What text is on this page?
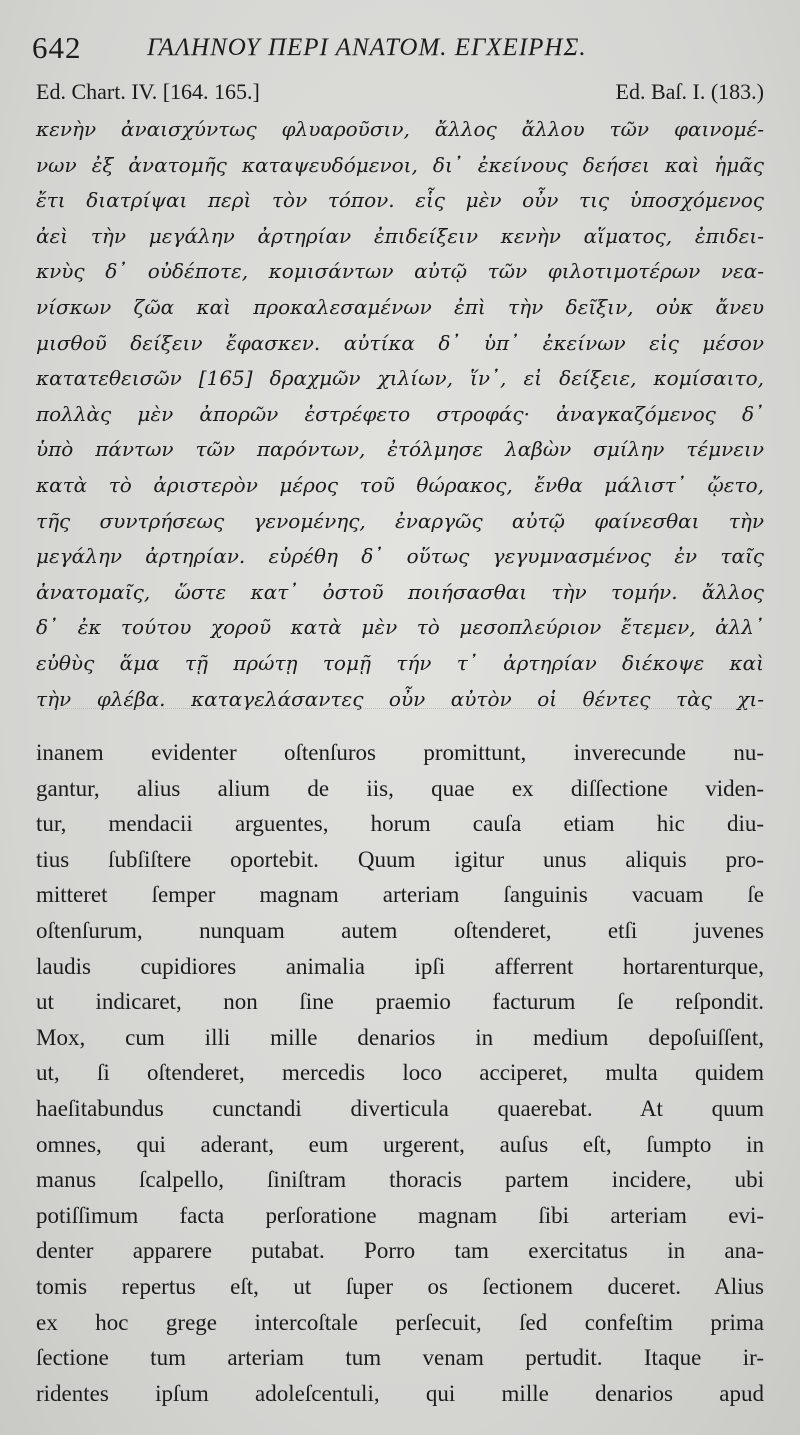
642	ΓΑΛΗΝΟΥ ΠΕΡΙ ΑΝΑΤΟΜ. ΕΓΧΕΙΡΗΣ.
Ed. Chart. IV. [164. 165.]	Ed. Baſ. I. (183.)
κενὴν ἀναισχύντως φλυαροῦσιν, ἄλλος ἄλλου τῶν φαινομέ-
νων ἐξ ἀνατομῆς καταψευδόμενοι, δι᾽ ἐκείνους δεήσει καὶ ἡμᾶς
ἔτι διατρίψαι περὶ τὸν τόπον. εἷς μὲν οὖν τις ὑποσχόμενος
ἀεὶ τὴν μεγάλην ἀρτηρίαν ἐπιδείξειν κενὴν αἵματος, ἐπιδει-
κνὺς δ᾽ οὐδέποτε, κομισάντων αὐτῷ τῶν φιλοτιμοτέρων νεα-
νίσκων ζῶα καὶ προκαλεσαμένων ἐπὶ τὴν δεῖξιν, οὐκ ἄνευ
μισθοῦ δείξειν ἔφασκεν. αὐτίκα δ᾽ ὑπ᾽ ἐκείνων εἰς μέσον
κατατεθεισῶν [165] δραχμῶν χιλίων, ἵν᾽, εἰ δείξειε, κομίσαιτο,
πολλὰς μὲν ἀπορῶν ἐστρέφετο στροφάς· ἀναγκαζόμενος δ᾽
ὑπὸ πάντων τῶν παρόντων, ἐτόλμησε λαβὼν σμίλην τέμνειν
κατὰ τὸ ἀριστερὸν μέρος τοῦ θώρακος, ἔνθα μάλιστ᾽ ᾤετο,
τῆς συντρήσεως γενομένης, ἐναργῶς αὐτῷ φαίνεσθαι τὴν
μεγάλην ἀρτηρίαν. εὑρέθη δ᾽ οὕτως γεγυμνασμένος ἐν ταῖς
ἀνατομαῖς, ὥστε κατ᾽ ὀστοῦ ποιήσασθαι τὴν τομήν. ἄλλος
δ᾽ ἐκ τούτου χοροῦ κατὰ μὲν τὸ μεσοπλεύριον ἔτεμεν, ἀλλ᾽
εὐθὺς ἅμα τῇ πρώτῃ τομῇ τήν τ᾽ ἀρτηρίαν διέκοψε καὶ
τὴν φλέβα. καταγελάσαντες οὖν αὐτὸν οἱ θέντες τὰς χι-
inanem evidenter oſtenſuros promittunt, inverecunde nu-
gantur, alius alium de iis, quae ex diſſectione viden-
tur, mendacii arguentes, horum cauſa etiam hic diu-
tius ſubſiſtere oportebit. Quum igitur unus aliquis pro-
mitteret ſemper magnam arteriam ſanguinis vacuam ſe
oſtenſurum, nunquam autem oſtenderet, etſi juvenes
laudis cupidiores animalia ipſi afferrent hortarenturque,
ut indicaret, non ſine praemio facturum ſe reſpondit.
Mox, cum illi mille denarios in medium depoſuiſſent,
ut, ſi oſtenderet, mercedis loco acciperet, multa quidem
haeſitabundus cunctandi diverticula quaerebat. At quum
omnes, qui aderant, eum urgerent, auſus eſt, ſumpto in
manus ſcalpello, ſiniſtram thoracis partem incidere, ubi
potiſſimum facta perſoratione magnam ſibi arteriam evi-
denter apparere putabat. Porro tam exercitatus in ana-
tomis repertus eſt, ut ſuper os ſectionem duceret. Alius
ex hoc grege intercoſtale perſecuit, ſed confeſtim prima
ſectione tum arteriam tum venam pertudit. Itaque ir-
ridentes ipſum adoleſcentuli, qui mille denarios apud
